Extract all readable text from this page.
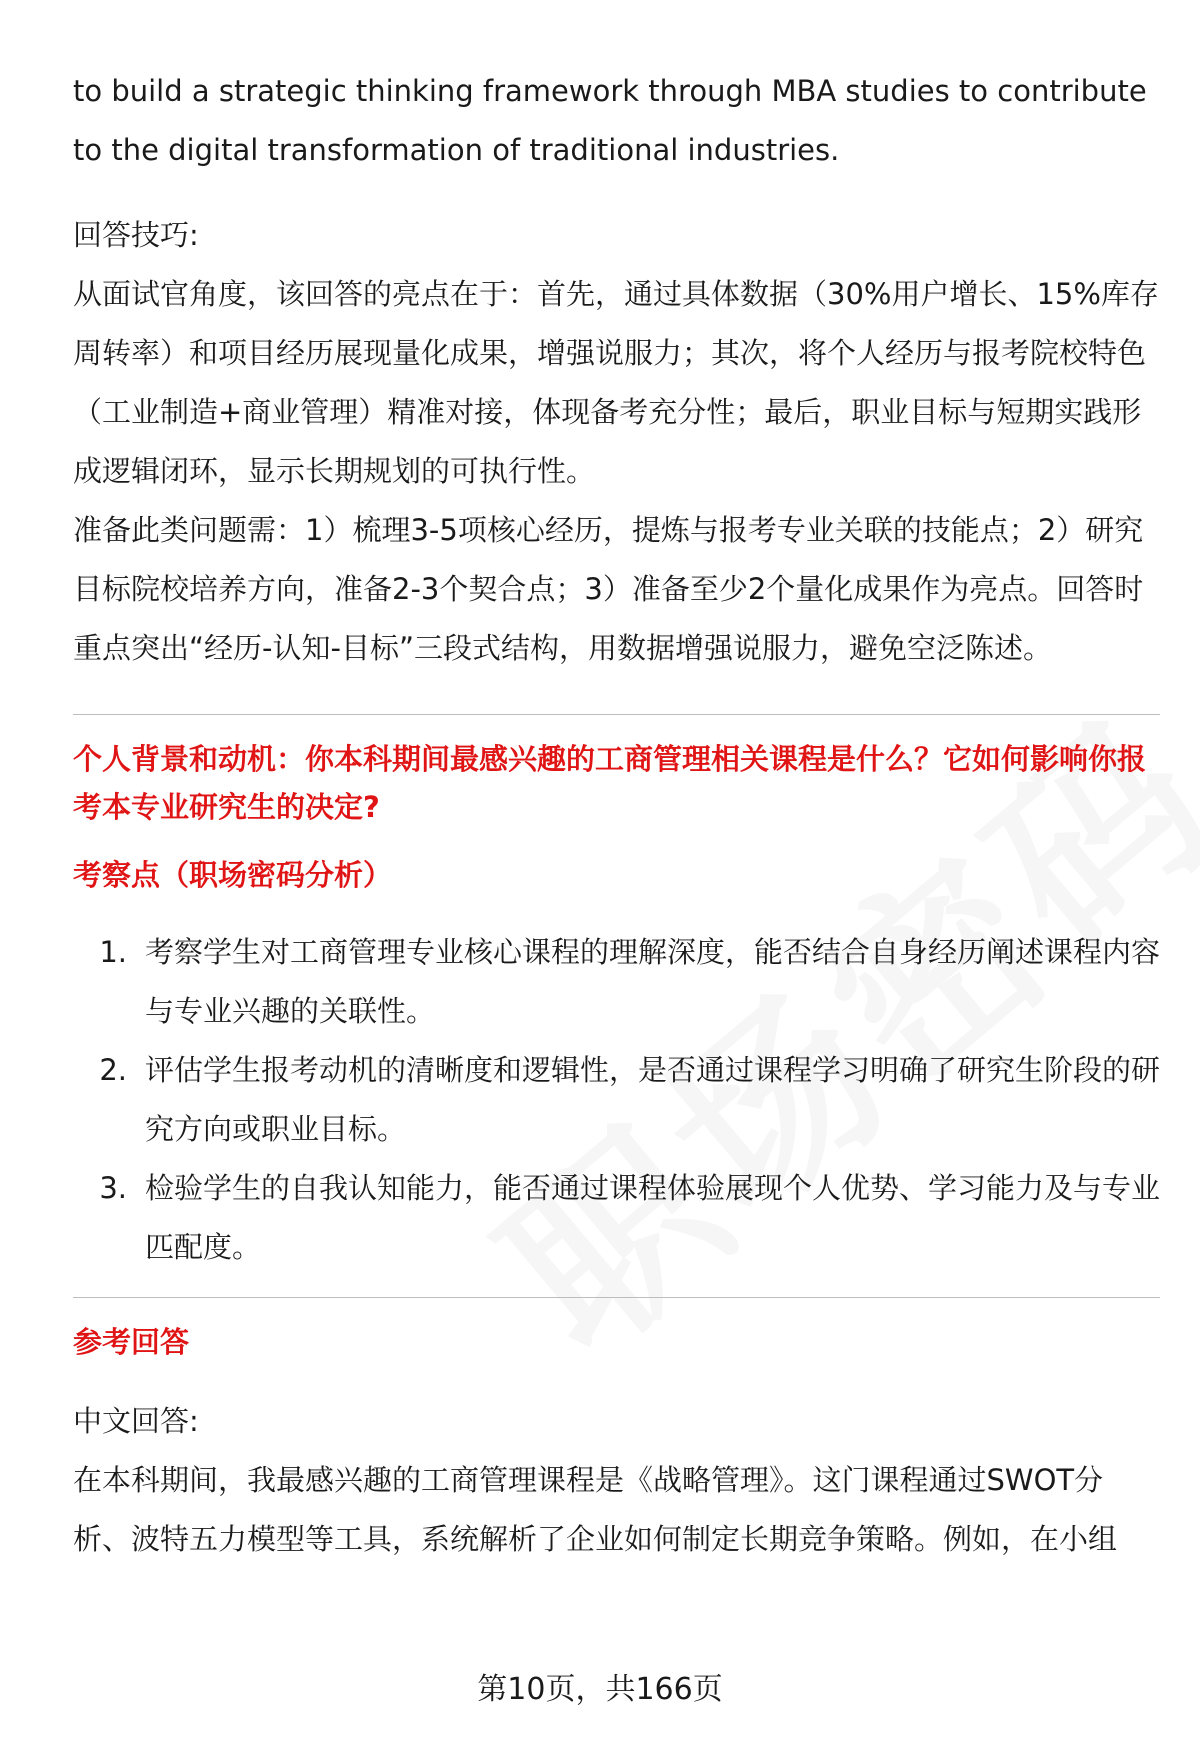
to build a strategic thinking framework through MBA studies to contribute to the digital transformation of traditional industries.

回答技巧:

从面试官角度，该回答的亮点在于：首先，通过具体数据（30%用户增长、15%库存周转率）和项目经历展现量化成果，增强说服力；其次，将个人经历与报考院校特色（工业制造+商业管理）精准对接，体现备考充分性；最后，职业目标与短期实践形成逻辑闭环，显示长期规划的可执行性。

准备此类问题需：1）梳理3-5项核心经历，提炼与报考专业关联的技能点；2）研究目标院校培养方向，准备2-3个契合点；3）准备至少2个量化成果作为亮点。回答时重点突出“经历-认知-目标”三段式结构，用数据增强说服力，避免空泛陈述。

个人背景和动机：你本科期间最感兴趣的工商管理相关课程是什么？它如何影响你报考本专业研究生的决定?
考察点（职场密码分析）
1. 考察学生对工商管理专业核心课程的理解深度，能否结合自身经历阐述课程内容与专业兴趣的关联性。
2. 评估学生报考动机的清晰度和逻辑性，是否通过课程学习明确了研究生阶段的研究方向或职业目标。
3. 检验学生的自我认知能力，能否通过课程体验展现个人优势、学习能力及与专业匹配度。
参考回答

中文回答:

在本科期间，我最感兴趣的工商管理课程是《战略管理》。这门课程通过SWOT分析、波特五力模型等工具，系统解析了企业如何制定长期竞争策略。例如，在小组

第10页，共166页
